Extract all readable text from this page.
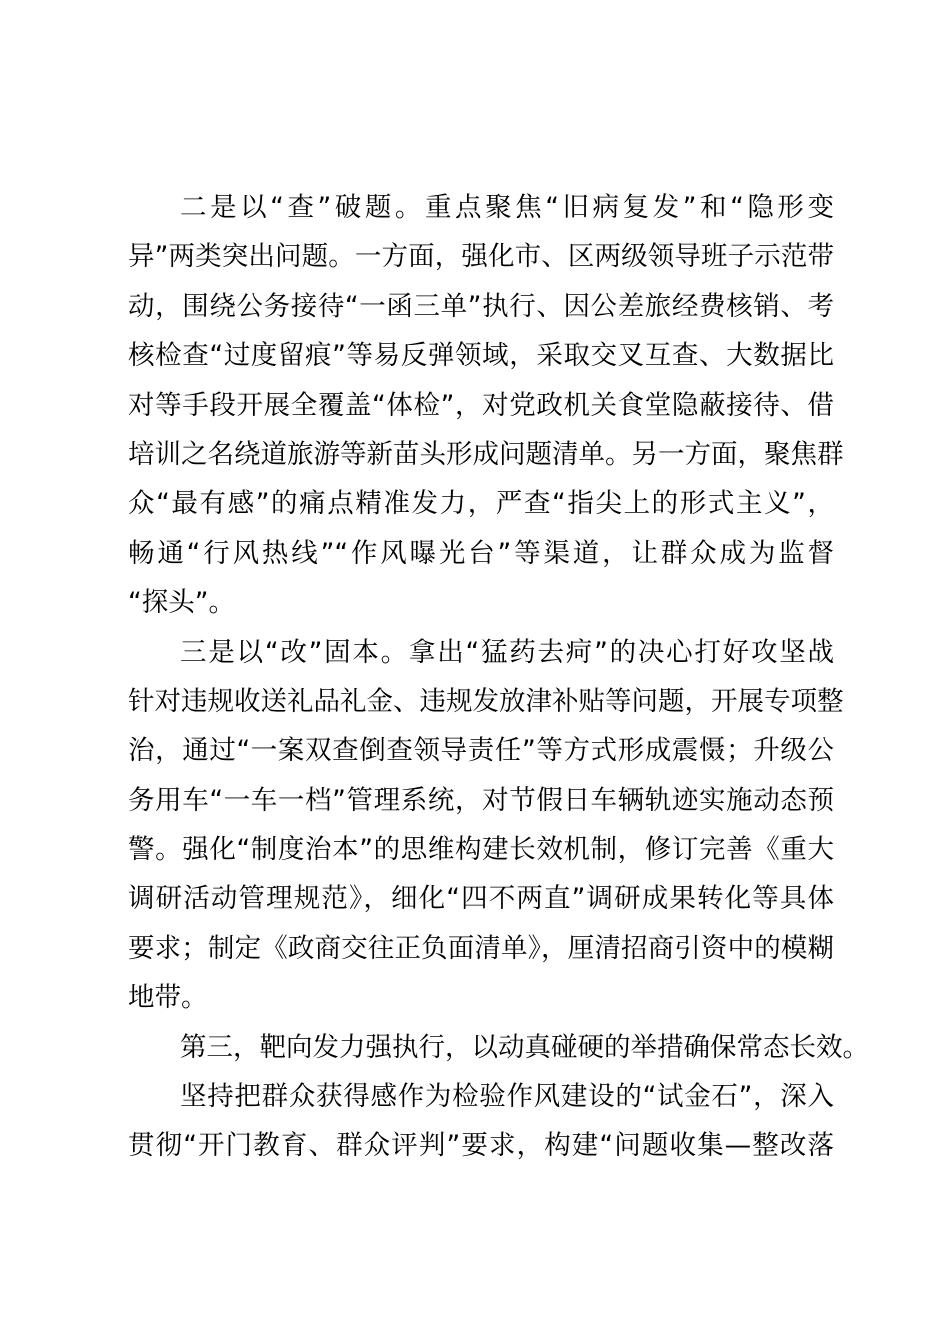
二是以“查”破题。重点聚焦“旧病复发”和“隐形变
异”两类突出问题。一方面，强化市、区两级领导班子示范带
动，围绕公务接待“一函三单”执行、因公差旅经费核销、考
核检查“过度留痕”等易反弹领域，采取交叉互查、大数据比
对等手段开展全覆盖“体检”，对党政机关食堂隐蔽接待、借
培训之名绕道旅游等新苗头形成问题清单。另一方面，聚焦群
众“最有感”的痛点精准发力，严查“指尖上的形式主义”，
畅通“行风热线”“作风曝光台”等渠道，让群众成为监督
“探头”。
三是以“改”固本。拿出“猛药去疴”的决心打好攻坚战
针对违规收送礼品礼金、违规发放津补贴等问题，开展专项整
治，通过“一案双查倒查领导责任”等方式形成震慑；升级公
务用车“一车一档”管理系统，对节假日车辆轨迹实施动态预
警。强化“制度治本”的思维构建长效机制，修订完善《重大
调研活动管理规范》，细化“四不两直”调研成果转化等具体
要求；制定《政商交往正负面清单》，厘清招商引资中的模糊
地带。
第三，靶向发力强执行，以动真碰硬的举措确保常态长效。
坚持把群众获得感作为检验作风建设的“试金石”，深入
贯彻“开门教育、群众评判”要求，构建“问题收集—整改落
